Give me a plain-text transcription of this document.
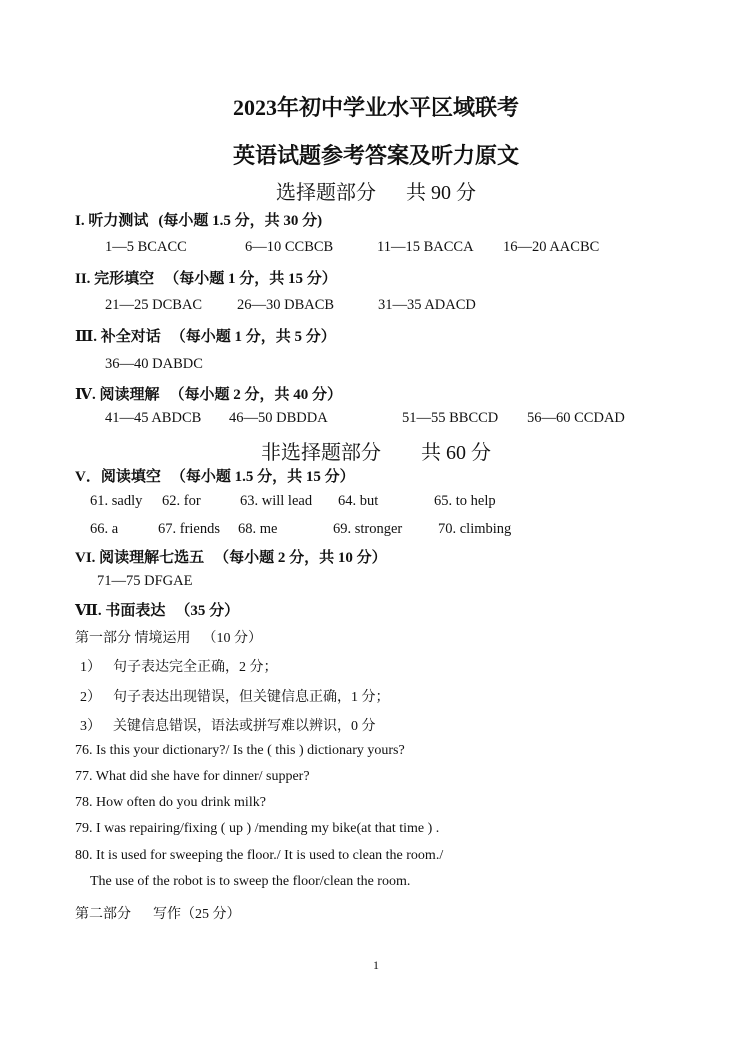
2023年初中学业水平区域联考
英语试题参考答案及听力原文
选择题部分 共 90 分
I. 听力测试 (每小题 1.5 分，共 30 分)
1—5 BCACC	6—10 CCBCB	11—15 BACCA 16—20 AACBC
II. 完形填空 （每小题 1 分，共 15 分）
21—25 DCBAC 26—30 DBACB	31—35 ADACD
Ⅲ. 补全对话 （每小题 1 分，共 5 分）
36—40 DABDC
Ⅳ. 阅读理解 （每小题 2 分，共 40 分）
41—45 ABDCB 46—50 DBDDA	51—55 BBCCD 56—60 CCDAD
非选择题部分 共 60 分
V．阅读填空 （每小题 1.5 分，共 15 分）
61. sadly 62. for	63. will lead 64. but	65. to help
66. a	67. friends 68. me	69. stronger 70. climbing
VI. 阅读理解七选五 （每小题 2 分，共 10 分）
71—75 DFGAE
Ⅶ. 书面表达 （35 分）
第一部分 情境运用 （10 分）
1） 句子表达完全正确，2 分；
2） 句子表达出现错误，但关键信息正确，1 分；
3） 关键信息错误，语法或拼写难以辨识，0 分
76. Is this your dictionary?/ Is the ( this ) dictionary yours?
77. What did she have for dinner/ supper?
78. How often do you drink milk?
79. I was repairing/fixing ( up ) /mending my bike(at that time ) .
80. It is used for sweeping the floor./ It is used to clean the room./
The use of the robot is to sweep the floor/clean the room.
第二部分 写作（25 分）
1
